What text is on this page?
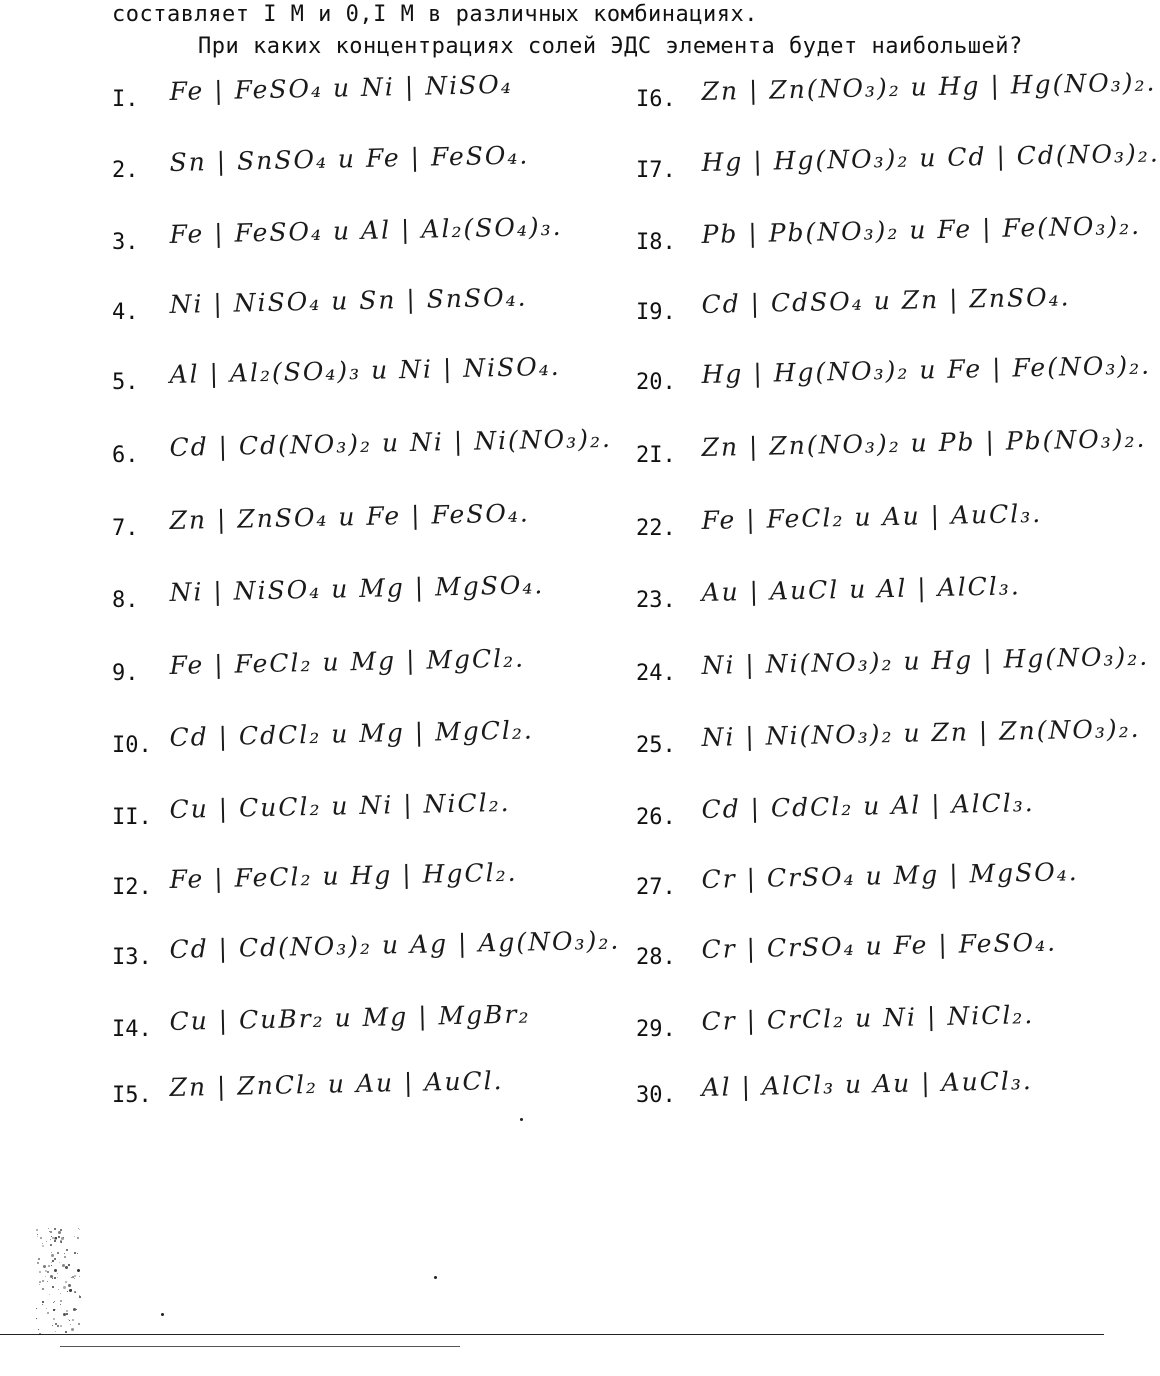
составляет I M и 0,I M в различных комбинациях.
При каких концентрациях солей ЭДС элемента будет наибольшей?
I.	Fe | FeSO₄ и Ni | NiSO₄
2.	Sn | SnSO₄ и Fe | FeSO₄.
3.	Fe | FeSO₄ и Al | Al₂(SO₄)₃.
4.	Ni | NiSO₄ и Sn | SnSO₄.
5.	Al | Al₂(SO₄)₃ и Ni | NiSO₄.
6.	Cd | Cd(NO₃)₂ и Ni | Ni(NO₃)₂.
7.	Zn | ZnSO₄ и Fe | FeSO₄.
8.	Ni | NiSO₄ и Mg | MgSO₄.
9.	Fe | FeCl₂ и Mg | MgCl₂.
I0. Cd | CdCl₂ и Mg | MgCl₂.
II. Cu | CuCl₂ и Ni | NiCl₂.
I2. Fe | FeCl₂ и Hg | HgCl₂.
I3. Cd | Cd(NO₃)₂ и Ag | Ag(NO₃)₂.
I4. Cu | CuBr₂ и Mg | MgBr₂
I5. Zn | ZnCl₂ и Au | AuCl.
I6.	Zn | Zn(NO₃)₂ и Hg | Hg(NO₃)₂.
I7.	Hg | Hg(NO₃)₂ и Cd | Cd(NO₃)₂.
I8.	Pb | Pb(NO₃)₂ и Fe | Fe(NO₃)₂.
I9.	Cd | CdSO₄ и Zn | ZnSO₄.
20.	Hg | Hg(NO₃)₂ и Fe | Fe(NO₃)₂.
2I.	Zn | Zn(NO₃)₂ и Pb | Pb(NO₃)₂.
22.	Fe | FeCl₂ и Au | AuCl₃.
23.	Au | AuCl и Al | AlCl₃.
24.	Ni | Ni(NO₃)₂ и Hg | Hg(NO₃)₂.
25.	Ni | Ni(NO₃)₂ и Zn | Zn(NO₃)₂.
26.	Cd | CdCl₂ и Al | AlCl₃.
27.	Cr | CrSO₄ и Mg | MgSO₄.
28.	Cr | CrSO₄ и Fe | FeSO₄.
29.	Cr | CrCl₂ и Ni | NiCl₂.
30.	Al | AlCl₃ и Au | AuCl₃.
